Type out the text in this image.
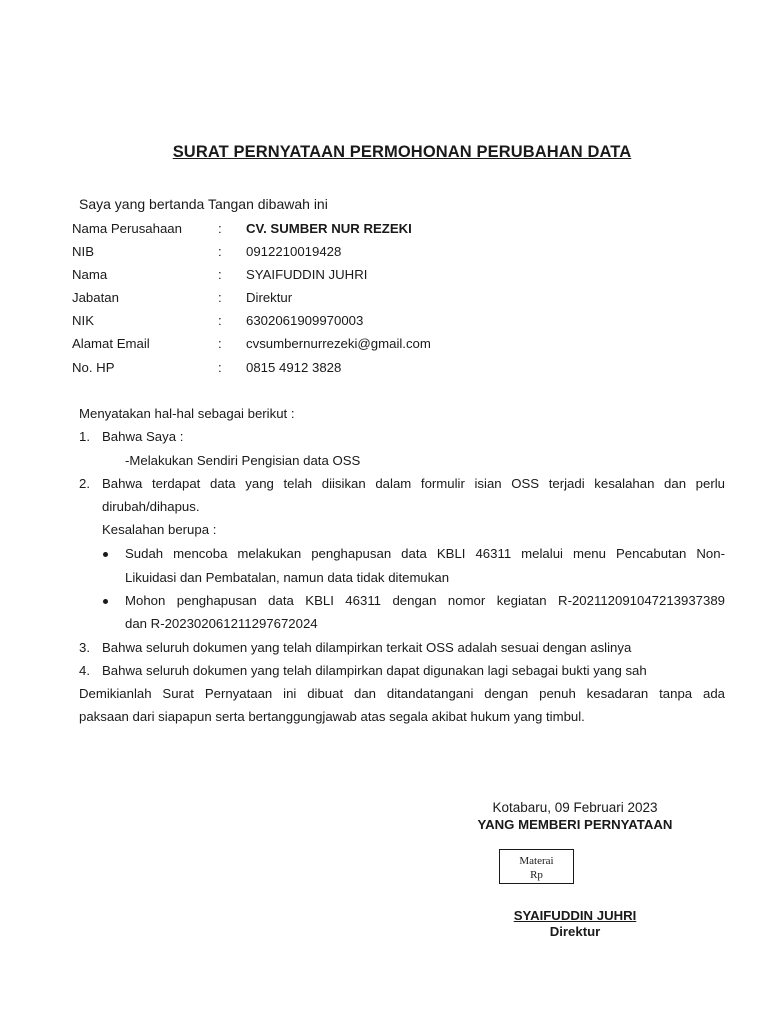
SURAT PERNYATAAN PERMOHONAN PERUBAHAN DATA
Saya yang bertanda Tangan dibawah ini
Nama Perusahaan	: CV. SUMBER NUR REZEKI
NIB	: 0912210019428
Nama	: SYAIFUDDIN JUHRI
Jabatan	: Direktur
NIK	: 6302061909970003
Alamat Email	: cvsumbernurrezeki@gmail.com
No. HP	: 0815 4912 3828
Menyatakan hal-hal sebagai berikut :
1. Bahwa Saya :
-Melakukan Sendiri Pengisian data OSS
2. Bahwa terdapat data yang telah diisikan dalam formulir isian OSS terjadi kesalahan dan perlu
dirubah/dihapus.
Kesalahan berupa :
Sudah mencoba melakukan penghapusan data KBLI 46311 melalui menu Pencabutan Non-
Likuidasi dan Pembatalan, namun data tidak ditemukan
Mohon penghapusan data KBLI 46311 dengan nomor kegiatan R-202112091047213937389
dan R-202302061211297672024
3. Bahwa seluruh dokumen yang telah dilampirkan terkait OSS adalah sesuai dengan aslinya
4. Bahwa seluruh dokumen yang telah dilampirkan dapat digunakan lagi sebagai bukti yang sah
Demikianlah Surat Pernyataan ini dibuat dan ditandatangani dengan penuh kesadaran tanpa ada
paksaan dari siapapun serta bertanggungjawab atas segala akibat hukum yang timbul.
Kotabaru, 09 Februari 2023
YANG MEMBERI PERNYATAAN
Materai
Rp
SYAIFUDDIN JUHRI
Direktur
